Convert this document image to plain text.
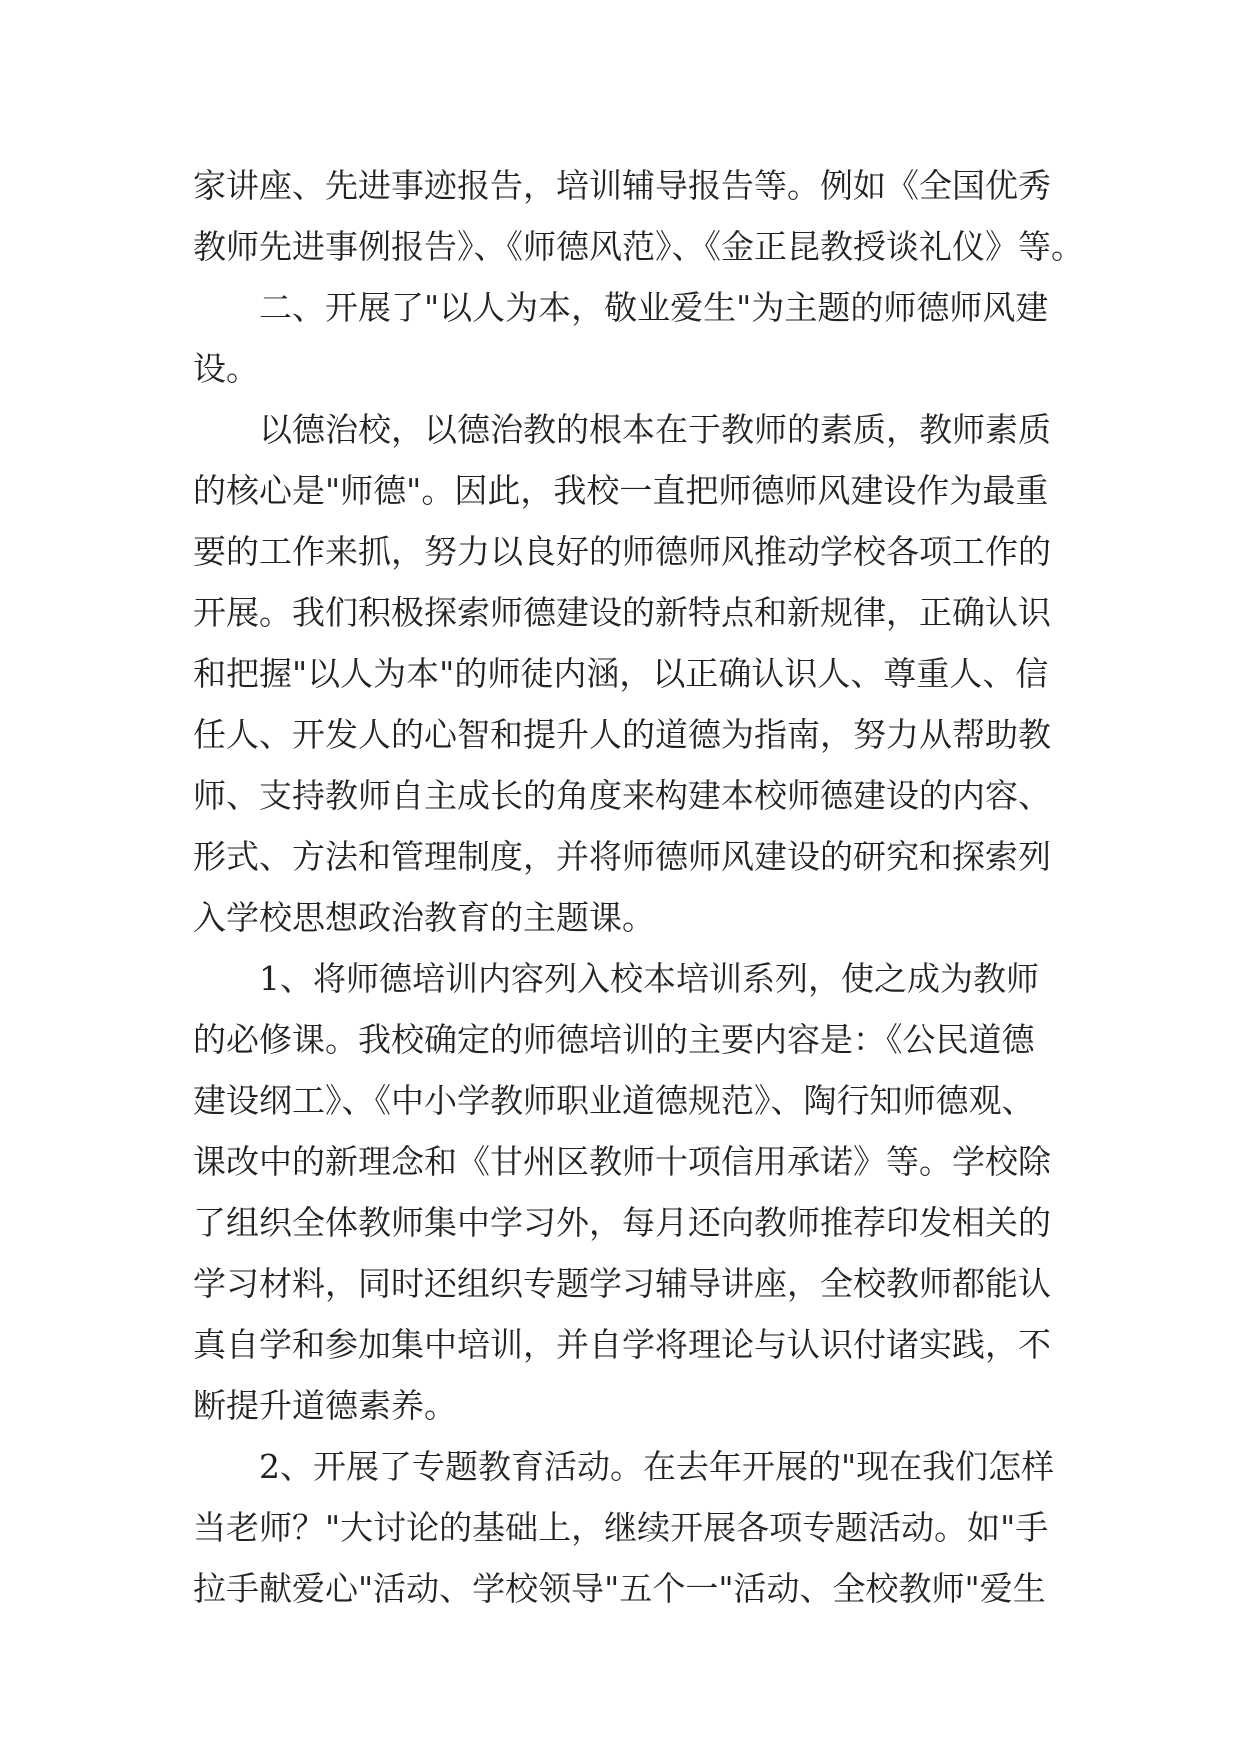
家讲座、先进事迹报告，培训辅导报告等。例如《全国优秀
教师先进事例报告》、《师德风范》、《金正昆教授谈礼仪》等。
二、开展了"以人为本，敬业爱生"为主题的师德师风建
设。
以德治校，以德治教的根本在于教师的素质，教师素质
的核心是"师德"。因此，我校一直把师德师风建设作为最重
要的工作来抓，努力以良好的师德师风推动学校各项工作的
开展。我们积极探索师德建设的新特点和新规律，正确认识
和把握"以人为本"的师徒内涵，以正确认识人、尊重人、信
任人、开发人的心智和提升人的道德为指南，努力从帮助教
师、支持教师自主成长的角度来构建本校师德建设的内容、
形式、方法和管理制度，并将师德师风建设的研究和探索列
入学校思想政治教育的主题课。
1、将师德培训内容列入校本培训系列，使之成为教师
的必修课。我校确定的师德培训的主要内容是：《公民道德
建设纲工》、《中小学教师职业道德规范》、陶行知师德观、
课改中的新理念和《甘州区教师十项信用承诺》等。学校除
了组织全体教师集中学习外，每月还向教师推荐印发相关的
学习材料，同时还组织专题学习辅导讲座，全校教师都能认
真自学和参加集中培训，并自学将理论与认识付诸实践，不
断提升道德素养。
2、开展了专题教育活动。在去年开展的"现在我们怎样
当老师？"大讨论的基础上，继续开展各项专题活动。如"手
拉手献爱心"活动、学校领导"五个一"活动、全校教师"爱生
